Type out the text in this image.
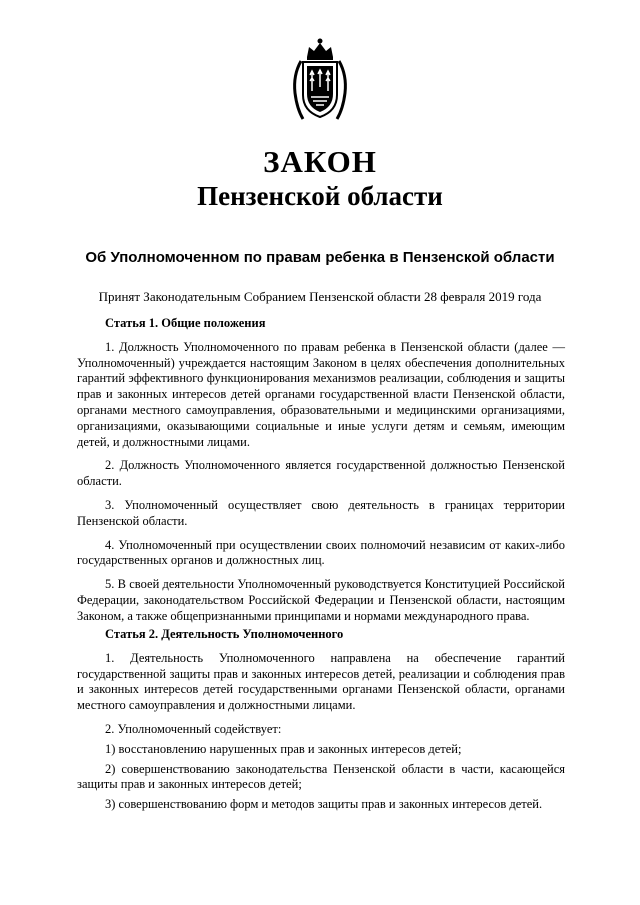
ЗАКОН
Пензенской области
Об Уполномоченном по правам ребенка в Пензенской области
Принят Законодательным Собранием Пензенской области 28 февраля 2019 года

Статья 1. Общие положения

1. Должность Уполномоченного по правам ребенка в Пензенской области (далее — Уполномоченный) учреждается настоящим Законом в целях обеспечения дополнительных гарантий эффективного функционирования механизмов реализации, соблюдения и защиты прав и законных интересов детей органами государственной власти Пензенской области, органами местного самоуправления, образовательными и медицинскими организациями, организациями, оказывающими социальные и иные услуги детям и семьям, имеющим детей, и должностными лицами.

2. Должность Уполномоченного является государственной должностью Пензенской области.

3. Уполномоченный осуществляет свою деятельность в границах территории Пензенской области.

4. Уполномоченный при осуществлении своих полномочий независим от каких-либо государственных органов и должностных лиц.

5. В своей деятельности Уполномоченный руководствуется Конституцией Российской Федерации, законодательством Российской Федерации и Пензенской области, настоящим Законом, а также общепризнанными принципами и нормами международного права.

Статья 2. Деятельность Уполномоченного

1. Деятельность Уполномоченного направлена на обеспечение гарантий государственной защиты прав и законных интересов детей, реализации и соблюдения прав и законных интересов детей государственными органами Пензенской области, органами местного самоуправления и должностными лицами.

2. Уполномоченный содействует:

1) восстановлению нарушенных прав и законных интересов детей;

2) совершенствованию законодательства Пензенской области в части, касающейся защиты прав и законных интересов детей;

3) совершенствованию форм и методов защиты прав и законных интересов детей.
